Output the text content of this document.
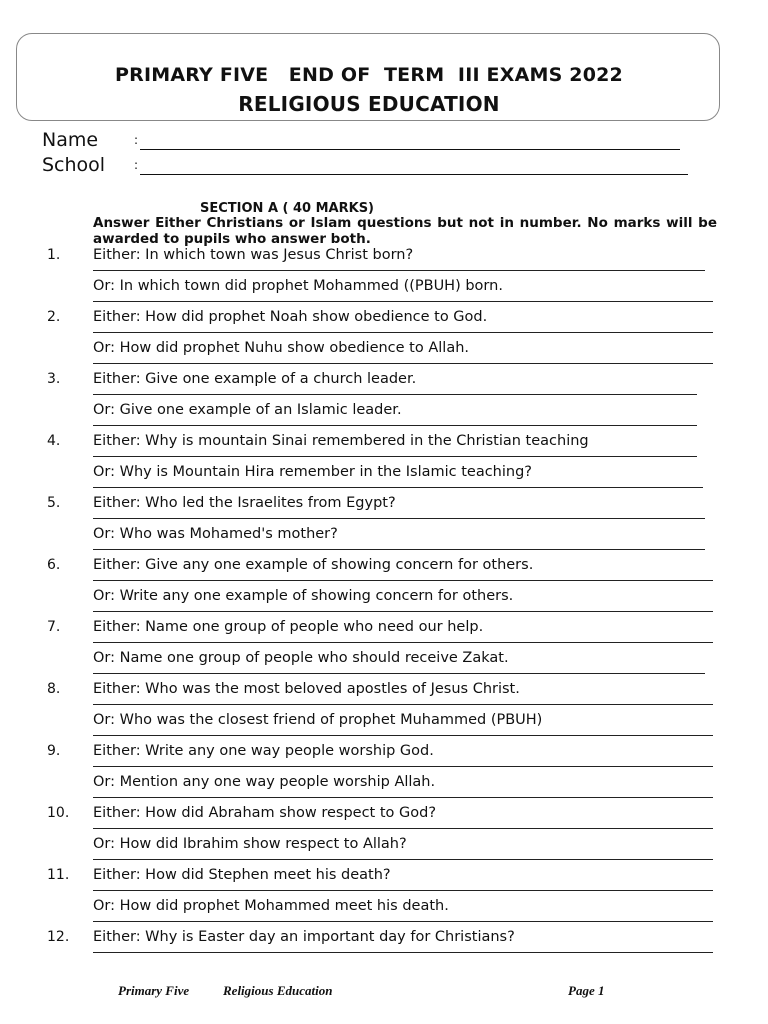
PRIMARY FIVE   END OF  TERM  III EXAMS 2022
RELIGIOUS EDUCATION
Name	:
School :
SECTION A ( 40 MARKS)
Answer Either Christians or Islam questions but not in number. No marks will be awarded to pupils who answer both.
1. Either: In which town was Jesus Christ born?
Or: In which town did prophet Mohammed ((PBUH) born.
2. Either: How did prophet Noah show obedience to God.
Or: How did prophet Nuhu show obedience to Allah.
3. Either: Give one example of a church leader.
Or: Give one example of an Islamic leader.
4. Either: Why is mountain Sinai remembered in the Christian teaching
Or: Why is Mountain Hira remember in the Islamic teaching?
5. Either: Who led the Israelites from Egypt?
Or: Who was Mohamed's mother?
6. Either: Give any one example of showing concern for others.
Or: Write any one example of showing concern for others.
7. Either: Name one group of people who need our help.
Or: Name one group of people who should receive Zakat.
8. Either: Who was the most beloved apostles of Jesus Christ.
Or: Who was the closest friend of prophet Muhammed (PBUH)
9. Either: Write any one way people worship God.
Or: Mention any one way people worship Allah.
10. Either: How did Abraham show respect to God?
Or: How did Ibrahim show respect to Allah?
11. Either: How did Stephen meet his death?
Or: How did prophet Mohammed meet his death.
12. Either: Why is Easter day an important day for Christians?
Primary Five	Religious Education	Page 1
